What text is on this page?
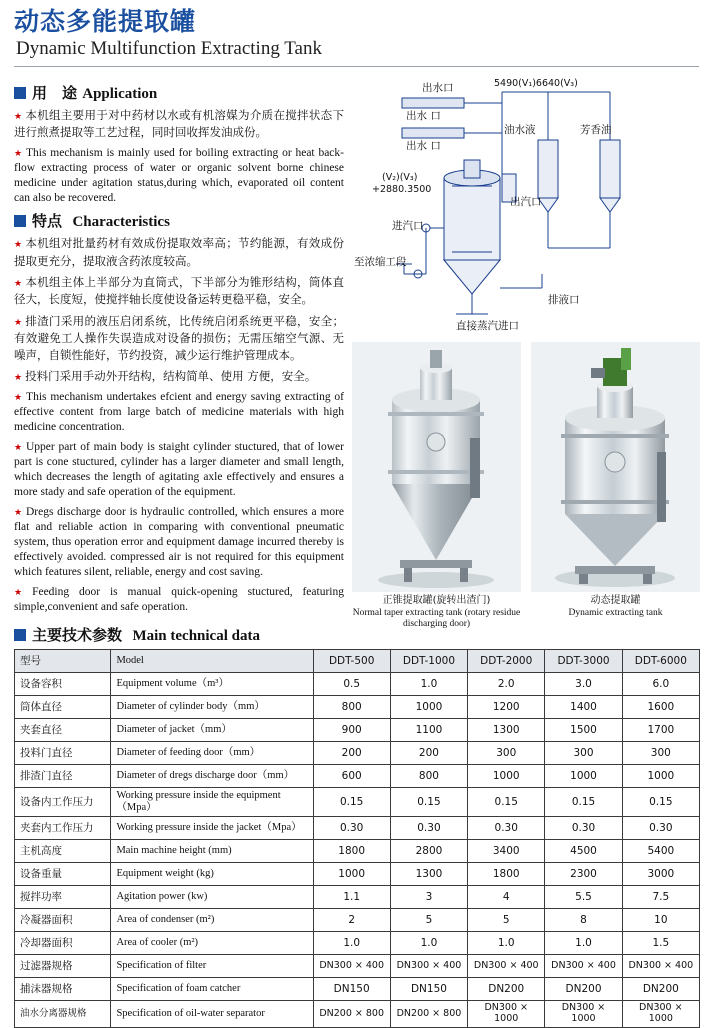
动态多能提取罐
Dynamic Multifunction Extracting Tank
用　途 Application

★ 本机组主要用于对中药材以水或有机溶媒为介质在搅拌状态下进行煎煮提取等工艺过程，同时回收挥发油成份。

★ This mechanism is mainly used for boiling extracting or heat back-flow extracting process of water or organic solvent borne chinese medicine under agitation status,during which, evaporated oil content can also be recovered.

特点 Characteristics

★ 本机组对批量药材有效成份提取效率高；节约能源，有效成份提取更充分，提取液含药浓度较高。

★ 本机组主体上半部分为直筒式，下半部分为锥形结构，筒体直径大，长度短，使搅拌轴长度使设备运转更稳平稳，安全。

★ 排渣门采用的液压启闭系统，比传统启闭系统更平稳，安全；有效避免工人操作失误造成对设备的损伤；无需压缩空气源、无噪声，自锁性能好，节约投资，减少运行维护管理成本。

★ 投料门采用手动外开结构，结构简单、使用 方便，安全。

★ This mechanism undertakes efcient and energy saving extracting of effective content from large batch of medicine materials with high medicine concentration.

★ Upper part of main body is staight cylinder stuctured, that of lower part is cone stuctured, cylinder has a larger diameter and small length, which decreases the length of agitating axle effectively and ensures a more stady and safe operation of the equipment.

★ Dregs discharge door is hydraulic controlled, which ensures a more flat and reliable action in comparing with conventional pneumatic system, thus operation error and equipment damage incurred thereby is effectively avoided. compressed air is not required for this equipment which features silent, reliable, energy and cost saving.

★ Feeding door is manual quick-opening stuctured, featuring simple,convenient and safe operation.

出水口
出水 口
出水 口
5490(V₁)6640(V₃)
油水液	芳香油
(V₂)(V₃)
+2880.3500
进汽口
出汽口
至浓缩工段
排液口
直接蒸汽进口
正锥提取罐(旋转出渣门)
Normal taper extracting tank (rotary residue discharging door)
动态提取罐
Dynamic extracting tank
主要技术参数 Main technical data
型号	Model	DDT-500	DDT-1000	DDT-2000	DDT-3000	DDT-6000
设备容积	Equipment volume（m³）	0.5	1.0	2.0	3.0	6.0
筒体直径	Diameter of cylinder body（mm）	800	1000	1200	1400	1600
夹套直径	Diameter of jacket（mm）	900	1100	1300	1500	1700
投料门直径	Diameter of feeding door（mm）	200	200	300	300	300
排渣门直径	Diameter of dregs discharge door（mm）	600	800	1000	1000	1000
设备内工作压力	Working pressure inside the equipment（Mpa）	0.15	0.15	0.15	0.15	0.15
夹套内工作压力	Working pressure inside the jacket（Mpa）	0.30	0.30	0.30	0.30	0.30
主机高度	Main machine height (mm)	1800	2800	3400	4500	5400
设备重量	Equipment weight (kg)	1000	1300	1800	2300	3000
搅拌功率	Agitation power (kw)	1.1	3	4	5.5	7.5
冷凝器面积	Area of condenser (m²)	2	5	5	8	10
冷却器面积	Area of cooler (m²)	1.0	1.0	1.0	1.0	1.5
过滤器规格	Specification of filter	DN300 × 400	DN300 × 400	DN300 × 400	DN300 × 400	DN300 × 400
捕沫器规格	Specification of foam catcher	DN150	DN150	DN200	DN200	DN200
油水分离器规格	Specification of oil-water separator	DN200 × 800	DN200 × 800	DN300 × 1000	DN300 × 1000	DN300 × 1000
